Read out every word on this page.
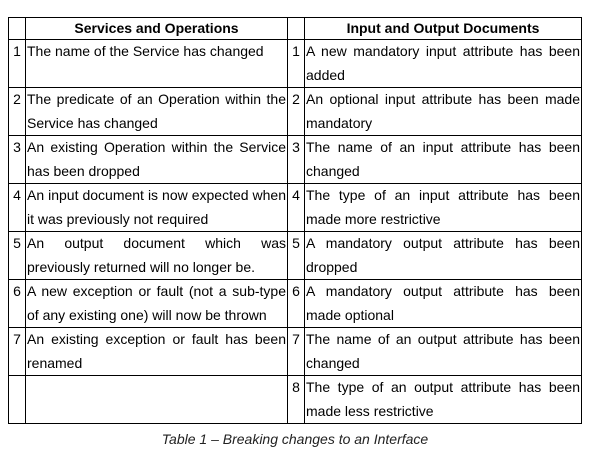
	Services and Operations		Input and Output Documents
1	The name of the Service has changed	1	A new mandatory input attribute has been added
2	The predicate of an Operation within the Service has changed	2	An optional input attribute has been made mandatory
3	An existing Operation within the Service has been dropped	3	The name of an input attribute has been changed
4	An input document is now expected when it was previously not required	4	The type of an input attribute has been made more restrictive
5	An output document which was previously returned will no longer be.	5	A mandatory output attribute has been dropped
6	A new exception or fault (not a sub-type of any existing one) will now be thrown	6	A mandatory output attribute has been made optional
7	An existing exception or fault has been renamed	7	The name of an output attribute has been changed
		8	The type of an output attribute has been made less restrictive
Table 1 – Breaking changes to an Interface
